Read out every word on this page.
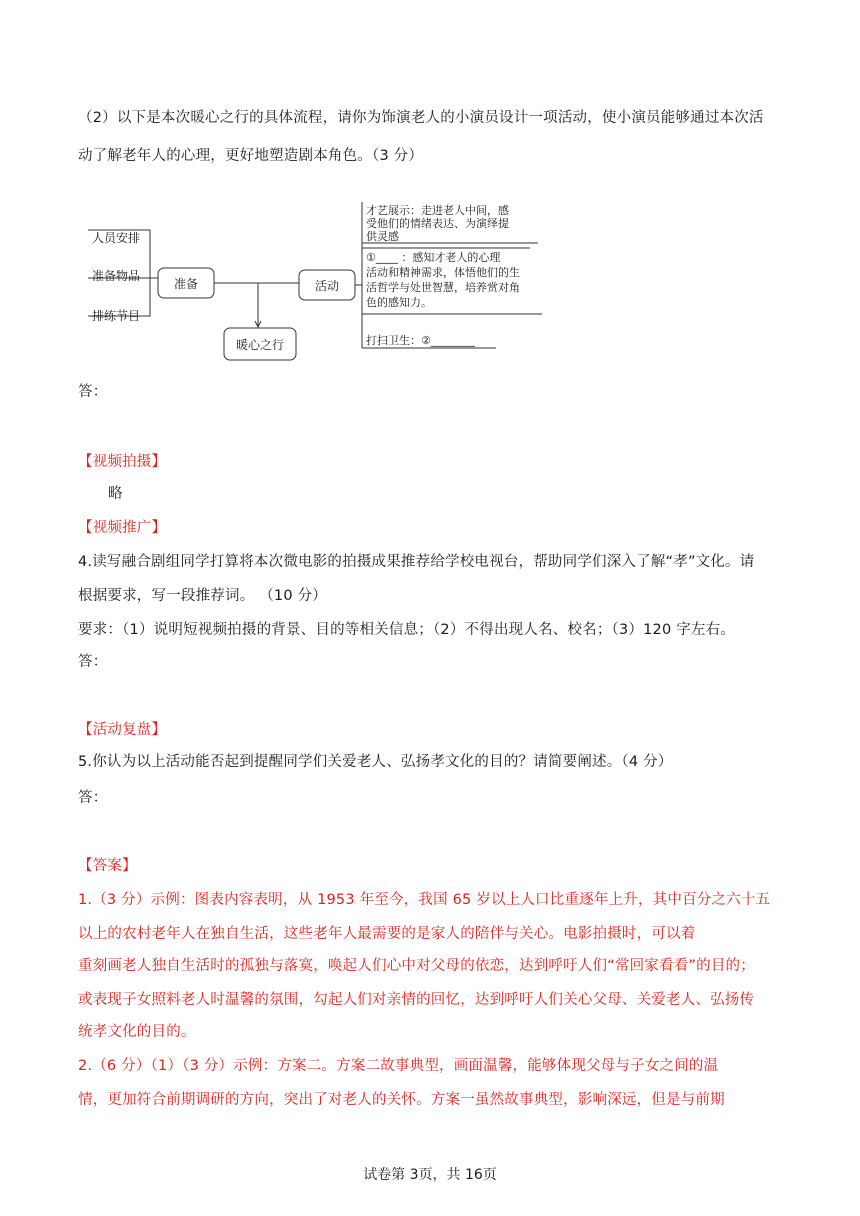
（2）以下是本次暖心之行的具体流程，请你为饰演老人的小演员设计一项活动，使小演员能够通过本次活
动了解老年人的心理，更好地塑造剧本角色。（3 分）
人员安排
准备物品
排练节目
准备
暖心之行
活动
才艺展示：走进老人中间，感
受他们的情绪表达、为演绎提
供灵感
①____ ：感知才老人的心理
活动和精神需求，体悟他们的生
活哲学与处世智慧，培养赏对角
色的感知力。
打扫卫生：②________
答：
【视频拍摄】
略
【视频推广】
4.读写融合剧组同学打算将本次微电影的拍摄成果推荐给学校电视台，帮助同学们深入了解“孝”文化。请
根据要求，写一段推荐词。 （10 分）
要求：（1）说明短视频拍摄的背景、目的等相关信息；（2）不得出现人名、校名；（3）120 字左右。
答：
【活动复盘】
5.你认为以上活动能否起到提醒同学们关爱老人、弘扬孝文化的目的？请简要阐述。（4 分）
答：
【答案】
1.（3 分）示例：图表内容表明，从 1953 年至今，我国 65 岁以上人口比重逐年上升，其中百分之六十五
以上的农村老年人在独自生活，这些老年人最需要的是家人的陪伴与关心。电影拍摄时，可以着
重刻画老人独自生活时的孤独与落寞，唤起人们心中对父母的依恋，达到呼吁人们“常回家看看”的目的；
或表现子女照料老人时温馨的氛围，勾起人们对亲情的回忆，达到呼吁人们关心父母、关爱老人、弘扬传
统孝文化的目的。
2.（6 分）（1）（3 分）示例：方案二。方案二故事典型，画面温馨，能够体现父母与子女之间的温
情，更加符合前期调研的方向，突出了对老人的关怀。方案一虽然故事典型，影响深远，但是与前期
试卷第 3页，共 16页
